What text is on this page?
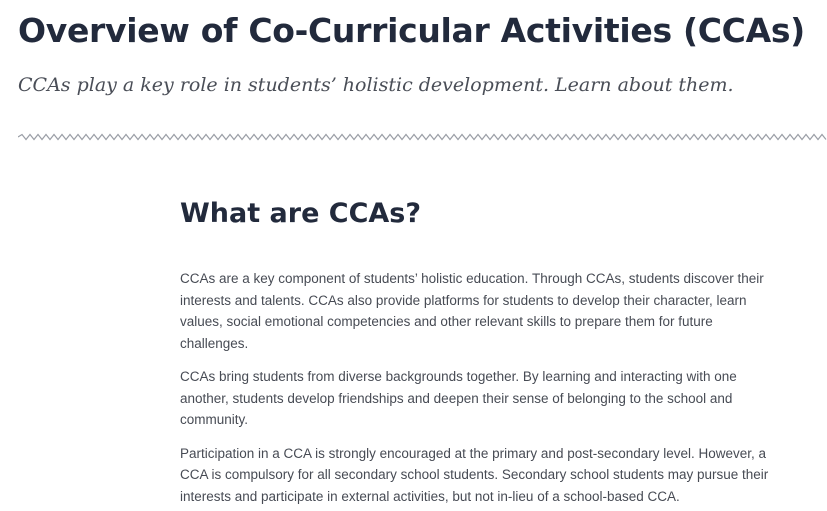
Overview of Co-Curricular Activities (CCAs)

CCAs play a key role in students’ holistic development. Learn about them.

What are CCAs?

CCAs are a key component of students’ holistic education. Through CCAs, students discover their interests and talents. CCAs also provide platforms for students to develop their character, learn values, social emotional competencies and other relevant skills to prepare them for future challenges.

CCAs bring students from diverse backgrounds together. By learning and interacting with one another, students develop friendships and deepen their sense of belonging to the school and community.

Participation in a CCA is strongly encouraged at the primary and post-secondary level. However, a CCA is compulsory for all secondary school students. Secondary school students may pursue their interests and participate in external activities, but not in-lieu of a school-based CCA.
